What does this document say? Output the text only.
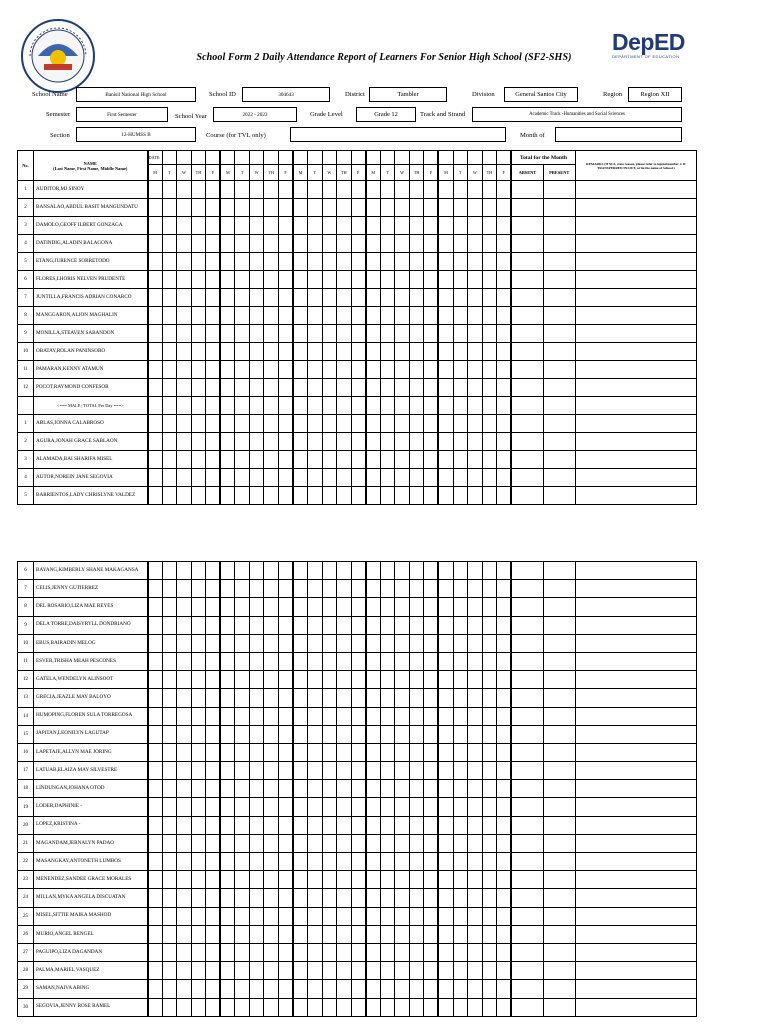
School Form 2 Daily Attendance Report of Learners For Senior High School (SF2-SHS)
DepED
DEPARTMENT OF EDUCATION
School Name	Banisil National High School	School ID	304643	District	Tambler	Division	General Santos City	Region	Region XII
Semester	First Semester	School Year	2022 - 2023	Grade Level	Grade 12	Track and Strand	Academic Track -Humanities and Social Sciences
Section	12-HUMSS B	Course (for TVL only)	Month of
No.	NAME
(Last Name, First Name, Middle Name)	DATE:																									Total for the Month		REMARKS (If NLS, state reason, please refer to legend number 2. If TRANSFERRED IN/OUT, write the name of School.)
		M	T	W	TH	F	M	T	W	TH	F	M	T	W	TH	F	M	T	W	TH	F	M	T	W	TH	F	ABSENT	PRESENT	
1	AUDITOR,MJ SINOY																												
2	BANSALAO,ABDUL BASIT MANGUNDATU																												
3	DAMOLO,GEOFF ILBERT GONZAGA																												
4	DATINDIG,ALADIN BALAGONA																												
5	ETANG,JURENCE SOBRETODO																												
6	FLORES,LHORIS NELVEN PRUDENTE																												
7	JUNTILLA,FRANCIS ADRIAN CONARCO																												
8	MANGGARON,ALJON MAGHALIN																												
9	MONILLA,STEAVEN SABANDON																												
10	OBATAY,ROLAN PANINSORO																												
11	PAMARAN,KENNY ATAMUN																												
12	POCOT,RAYMOND CONFESOR																												
	<=== MALE | TOTAL Per Day ===>																												
1	ABLAS,JONNA CALABROSO																												
2	AGURA,JONAH GRACE SABLAON																												
3	ALAMADA,BAI SHARIFA MISEL																												
4	AUTOR,NOREIN JANE SEGOVIA																												
5	BARRIENTOS,LADY CHRISLYNE VALDEZ																												
6	BAYANG,KIMBERLY SHANE MAKAGANSA																												
7	CELIS,JENNY GUTIERREZ																												
8	DEL ROSARIO,LIZA MAE REYES																												
9	DELA TORRE,DAISYRYLL DONDRIANO																												
10	EBUS,BAIRADIN MELOG																												
11	ESVER,TRISHA MEAH PESCONES																												
12	GATELA,WENDELYN ALINSOOT																												
13	GRECIA,JEAZLE MAY BALOYO																												
14	HUMOPING,FLOREN SULA TORREGOSA																												
15	JAPITAN,LEONILYN LAGUTAP																												
16	LAPETAJE,ALLYN MAE JORING																												
17	LATUAB,ELAIZA MAY SILVESTRE																												
18	LINDUNGAN,JOHANA OTOD																												
19	LODER,DAPHINIE -																												
20	LOPEZ,KRISTINA -																												
21	MAGANDAM,JERNALYN PADAO																												
22	MASANGKAY,ANTONETH LUMBOS																												
23	MENENDEZ,SANDEE GRACE MORALES																												
24	MILLAN,MYKA ANGELA DISCUATAN																												
25	MISEL,SITTIE MAIKA MASHOD																												
26	MURIO,ANGEL RENGEL																												
27	PAGUIPO,LIZA DAGANDAN																												
28	PALMA,MARIEL VASQUEZ																												
29	SAMAN,NAIVA ABING																												
30	SEGOVIA,JENNY ROSE RAMEL																												
